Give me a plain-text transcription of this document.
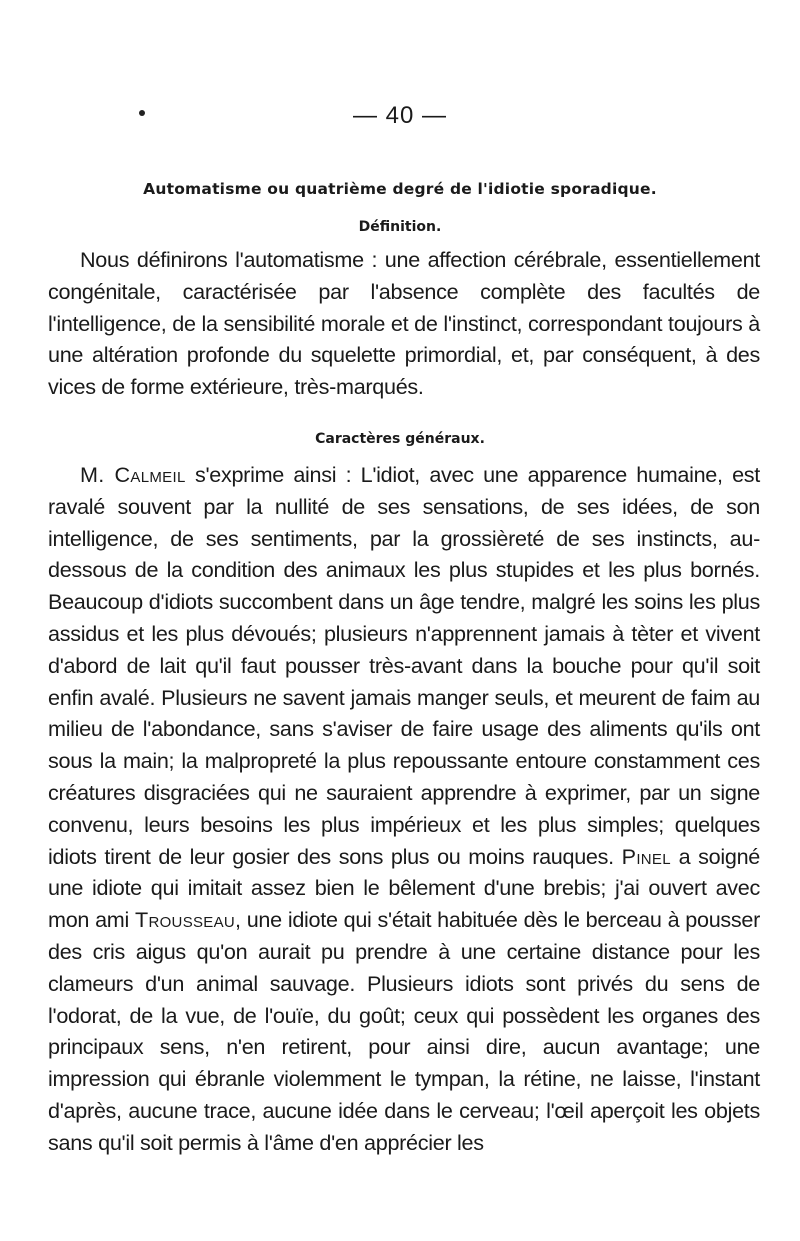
— 40 —
Automatisme ou quatrième degré de l'idiotie sporadique.
Définition.
Nous définirons l'automatisme : une affection cérébrale, essentiellement congénitale, caractérisée par l'absence complète des facultés de l'intelligence, de la sensibilité morale et de l'instinct, correspondant toujours à une altération profonde du squelette primordial, et, par conséquent, à des vices de forme extérieure, très-marqués.
Caractères généraux.
M. Calmeil s'exprime ainsi : L'idiot, avec une apparence humaine, est ravalé souvent par la nullité de ses sensations, de ses idées, de son intelligence, de ses sentiments, par la grossièreté de ses instincts, au-dessous de la condition des animaux les plus stupides et les plus bornés. Beaucoup d'idiots succombent dans un âge tendre, malgré les soins les plus assidus et les plus dévoués; plusieurs n'apprennent jamais à tèter et vivent d'abord de lait qu'il faut pousser très-avant dans la bouche pour qu'il soit enfin avalé. Plusieurs ne savent jamais manger seuls, et meurent de faim au milieu de l'abondance, sans s'aviser de faire usage des aliments qu'ils ont sous la main; la malpropreté la plus repoussante entoure constamment ces créatures disgraciées qui ne sauraient apprendre à exprimer, par un signe convenu, leurs besoins les plus impérieux et les plus simples; quelques idiots tirent de leur gosier des sons plus ou moins rauques. Pinel a soigné une idiote qui imitait assez bien le bêlement d'une brebis; j'ai ouvert avec mon ami Trousseau, une idiote qui s'était habituée dès le berceau à pousser des cris aigus qu'on aurait pu prendre à une certaine distance pour les clameurs d'un animal sauvage. Plusieurs idiots sont privés du sens de l'odorat, de la vue, de l'ouïe, du goût; ceux qui possèdent les organes des principaux sens, n'en retirent, pour ainsi dire, aucun avantage; une impression qui ébranle violemment le tympan, la rétine, ne laisse, l'instant d'après, aucune trace, aucune idée dans le cerveau; l'œil aperçoit les objets sans qu'il soit permis à l'âme d'en apprécier les
